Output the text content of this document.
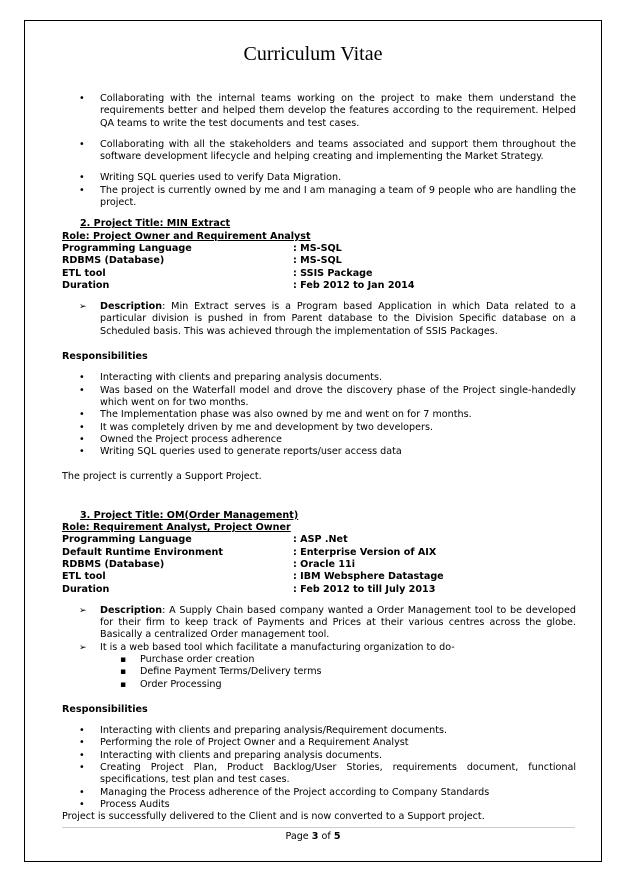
Curriculum Vitae
• Collaborating with the internal teams working on the project to make them understand the requirements better and helped them develop the features according to the requirement. Helped QA teams to write the test documents and test cases.
• Collaborating with all the stakeholders and teams associated and support them throughout the software development lifecycle and helping creating and implementing the Market Strategy.
• Writing SQL queries used to verify Data Migration.
• The project is currently owned by me and I am managing a team of 9 people who are handling the project.
2. Project Title: MIN Extract
Role: Project Owner and Requirement Analyst
Programming Language	: MS-SQL
RDBMS (Database)	: MS-SQL
ETL tool	: SSIS Package
Duration	: Feb 2012 to Jan 2014
➢ Description: Min Extract serves is a Program based Application in which Data related to a particular division is pushed in from Parent database to the Division Specific database on a Scheduled basis. This was achieved through the implementation of SSIS Packages.
Responsibilities
• Interacting with clients and preparing analysis documents.
• Was based on the Waterfall model and drove the discovery phase of the Project single-handedly which went on for two months.
• The Implementation phase was also owned by me and went on for 7 months.
• It was completely driven by me and development by two developers.
• Owned the Project process adherence
• Writing SQL queries used to generate reports/user access data
The project is currently a Support Project.
3. Project Title: OM(Order Management)
Role: Requirement Analyst, Project Owner
Programming Language	: ASP .Net
Default Runtime Environment	: Enterprise Version of AIX
RDBMS (Database)	: Oracle 11i
ETL tool	: IBM Websphere Datastage
Duration	: Feb 2012 to till July 2013
➢ Description: A Supply Chain based company wanted a Order Management tool to be developed for their firm to keep track of Payments and Prices at their various centres across the globe. Basically a centralized Order management tool.
➢ It is a web based tool which facilitate a manufacturing organization to do-
▪ Purchase order creation
▪ Define Payment Terms/Delivery terms
▪ Order Processing
Responsibilities
• Interacting with clients and preparing analysis/Requirement documents.
• Performing the role of Project Owner and a Requirement Analyst
• Interacting with clients and preparing analysis documents.
• Creating Project Plan, Product Backlog/User Stories, requirements document, functional specifications, test plan and test cases.
• Managing the Process adherence of the Project according to Company Standards
• Process Audits
Project is successfully delivered to the Client and is now converted to a Support project.
Page 3 of 5
